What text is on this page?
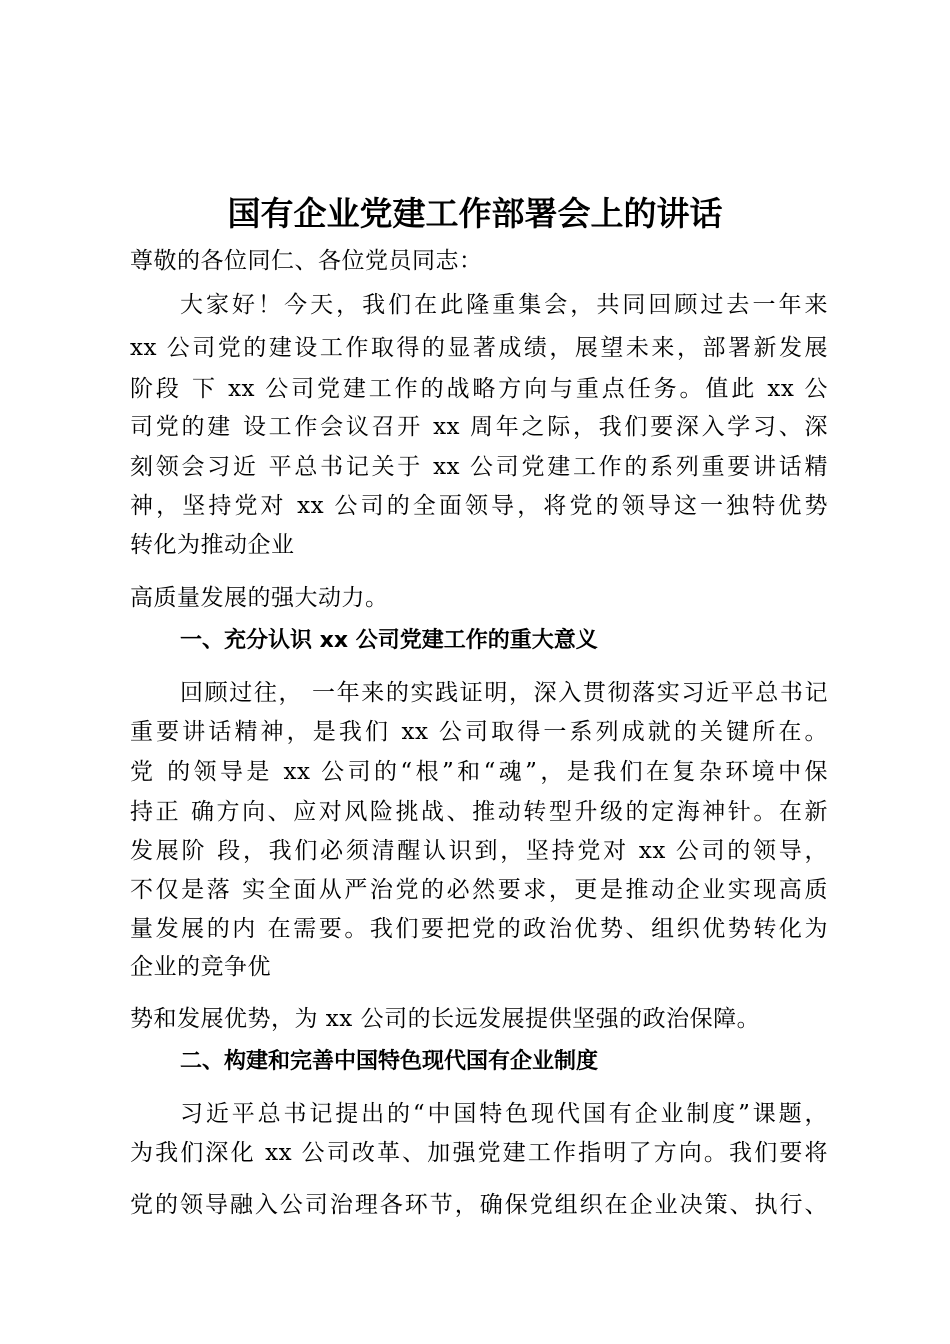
国有企业党建工作部署会上的讲话
尊敬的各位同仁、各位党员同志：
大家好！今天，我们在此隆重集会，共同回顾过去一年来
xx 公司党的建设工作取得的显著成绩，展望未来，部署新发展
阶段 下 xx 公司党建工作的战略方向与重点任务。值此 xx 公
司党的建 设工作会议召开 xx 周年之际，我们要深入学习、深
刻领会习近 平总书记关于 xx 公司党建工作的系列重要讲话精
神，坚持党对 xx 公司的全面领导，将党的领导这一独特优势
转化为推动企业
高质量发展的强大动力。
一、充分认识 xx 公司党建工作的重大意义
回顾过往， 一年来的实践证明，深入贯彻落实习近平总书记
重要讲话精神，是我们 xx 公司取得一系列成就的关键所在。
党 的领导是 xx 公司的“根”和“魂”，是我们在复杂环境中保
持正 确方向、应对风险挑战、推动转型升级的定海神针。在新
发展阶 段，我们必须清醒认识到，坚持党对 xx 公司的领导，
不仅是落 实全面从严治党的必然要求，更是推动企业实现高质
量发展的内 在需要。我们要把党的政治优势、组织优势转化为
企业的竞争优
势和发展优势，为 xx 公司的长远发展提供坚强的政治保障。
二、构建和完善中国特色现代国有企业制度
习近平总书记提出的“中国特色现代国有企业制度”课题，
为我们深化 xx 公司改革、加强党建工作指明了方向。我们要将
党的领导融入公司治理各环节，确保党组织在企业决策、执行、
